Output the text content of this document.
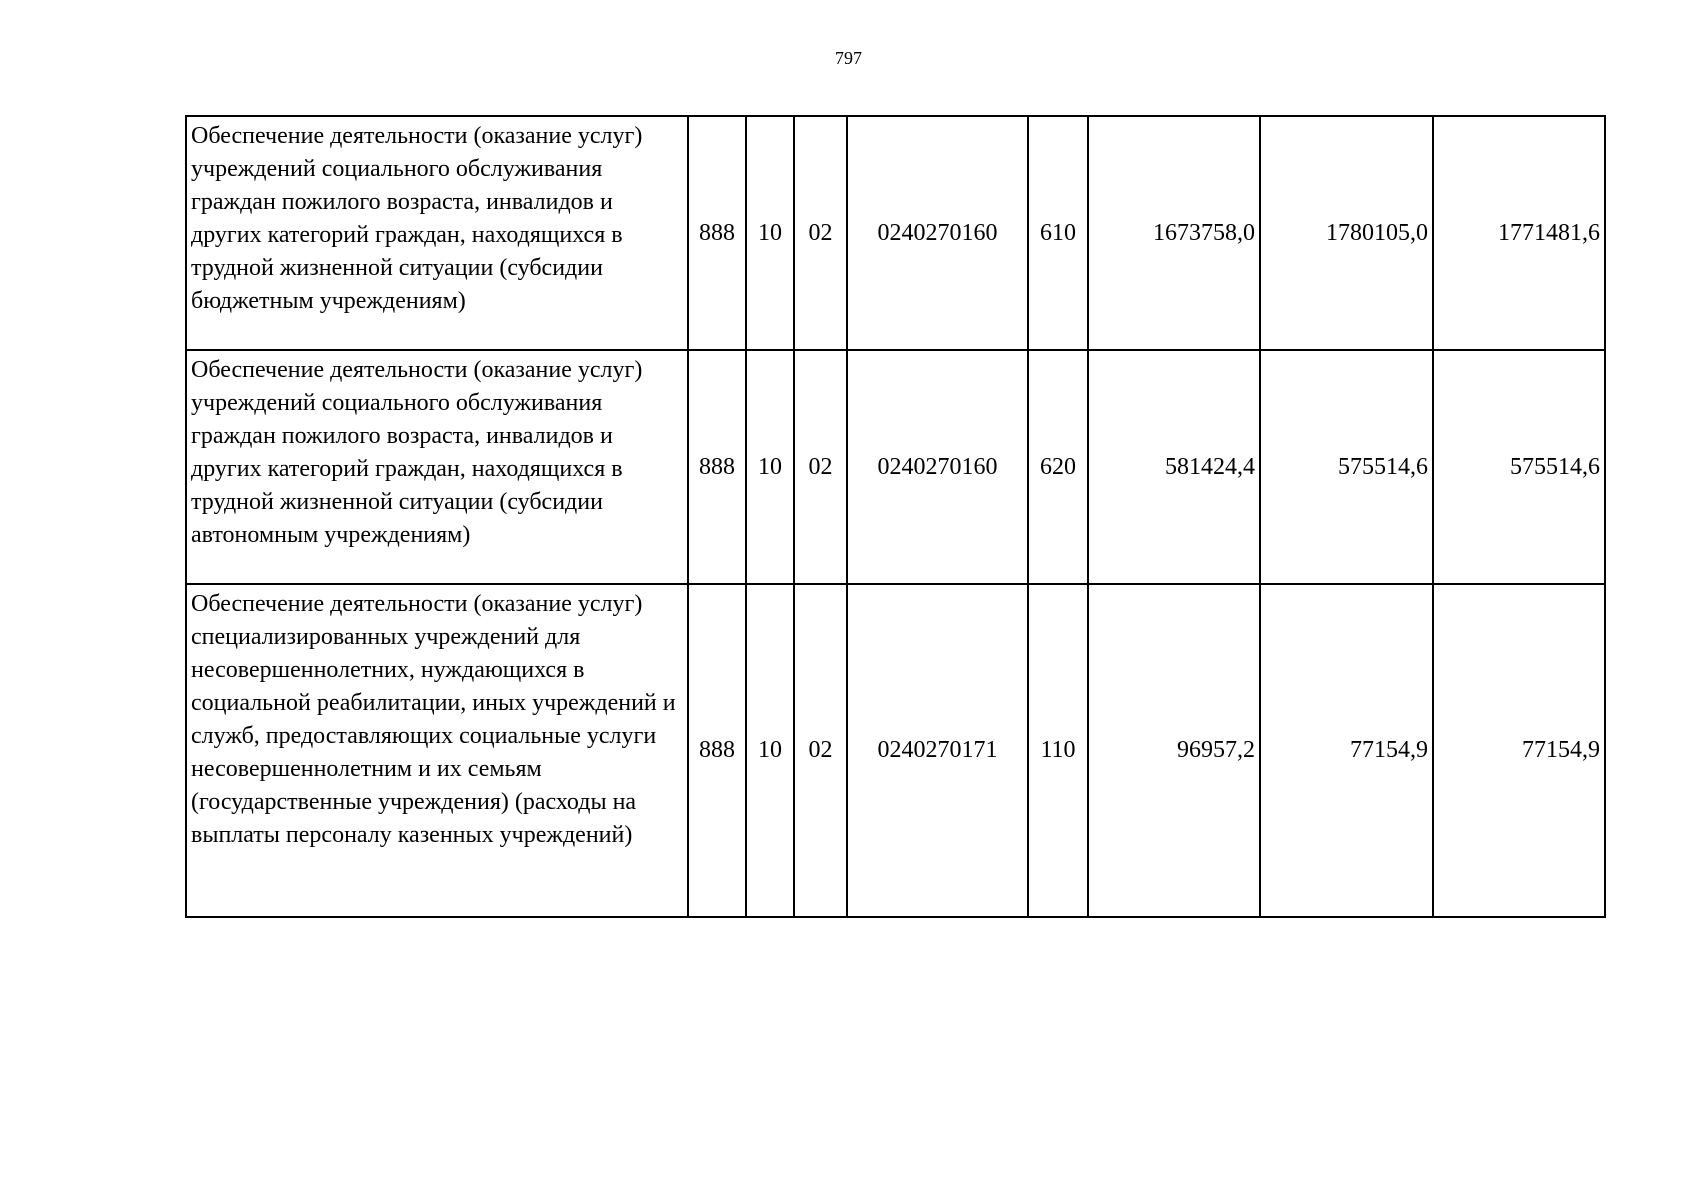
797
Обеспечение деятельности (оказание услуг) учреждений социального обслуживания граждан пожилого возраста, инвалидов и других категорий граждан, находящихся в трудной жизненной ситуации (субсидии бюджетным учреждениям)	888	10	02	0240270160	610	1673758,0	1780105,0	1771481,6
Обеспечение деятельности (оказание услуг) учреждений социального обслуживания граждан пожилого возраста, инвалидов и других категорий граждан, находящихся в трудной жизненной ситуации (субсидии автономным учреждениям)	888	10	02	0240270160	620	581424,4	575514,6	575514,6
Обеспечение деятельности (оказание услуг) специализированных учреждений для несовершеннолетних, нуждающихся в социальной реабилитации, иных учреждений и служб, предоставляющих социальные услуги несовершеннолетним и их семьям (государственные учреждения) (расходы на выплаты персоналу казенных учреждений)	888	10	02	0240270171	110	96957,2	77154,9	77154,9
